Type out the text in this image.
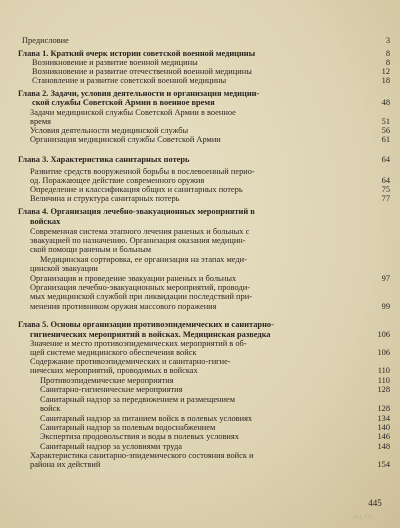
Предисловие	3
Глава 1. Краткий очерк истории советской военной медицины	8
Возникновение и развитие военной медицины	8
Возникновение и развитие отечественной военной медицины	12
Становление и развитие советской военной медицины	18
Глава 2. Задачи, условия деятельности и организация медицин-
ской службы Советской Армии в военное время	48
Задачи медицинской службы Советской Армии в военное
время	51
Условия деятельности медицинской службы	56
Организация медицинской службы Советской Армии	61
Глава 3. Характеристика санитарных потерь	64
Развитие средств вооруженной борьбы в послевоенный перио-
од. Поражающее действие современного оружия	64
Определение и классификация общих и санитарных потерь	75
Величина и структура санитарных потерь	77
Глава 4. Организация лечебно-эвакуационных мероприятий в
войсках
Современная система этапного лечения раненых и больных с
эвакуацией по назначению. Организация оказания медицин-
ской помощи раненым и больным
Медицинская сортировка, ее организация на этапах меди-
цинской эвакуации
Организация и проведение эвакуации раненых и больных	97
Организация лечебно-эвакуационных мероприятий, проводи-
мых медицинской службой при ликвидации последствий при-
менения противником оружия массового поражения	99
Глава 5. Основы организации противоэпидемических и санитарно-
гигиенических мероприятий в войсках. Медицинская разведка	106
Значение и место противоэпидемических мероприятий в об-
щей системе медицинского обеспечения войск	106
Содержание противоэпидемических и санитарно-гигие-
нических мероприятий, проводимых в войсках	110
Противоэпидемические мероприятия	110
Санитарно-гигиенические мероприятия	128
Санитарный надзор за передвижением и размещением
войск	128
Санитарный надзор за питанием войск в полевых условиях	134
Санитарный надзор за полевым водоснабжением	140
Экспертиза продовольствия и воды в полевых условиях	146
Санитарный надзор за условиями труда	148
Характеристика санитарно-эпидемического состояния войск и
района их действий	154
445
au.ru
